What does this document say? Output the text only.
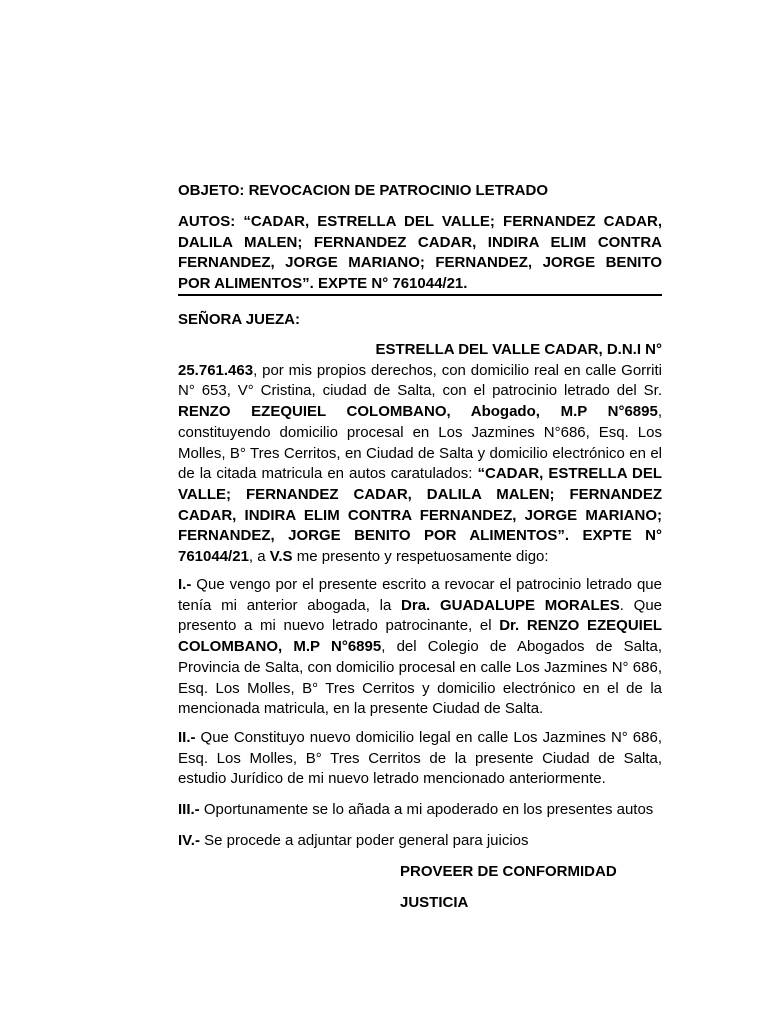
OBJETO: REVOCACION DE PATROCINIO LETRADO
AUTOS: “CADAR, ESTRELLA DEL VALLE; FERNANDEZ CADAR, DALILA MALEN; FERNANDEZ CADAR, INDIRA ELIM CONTRA FERNANDEZ, JORGE MARIANO; FERNANDEZ, JORGE BENITO POR ALIMENTOS”. EXPTE N° 761044/21.
SEÑORA JUEZA:
ESTRELLA DEL VALLE CADAR, D.N.I N°
25.761.463, por mis propios derechos, con domicilio real en calle Gorriti N° 653, V° Cristina, ciudad de Salta, con el patrocinio letrado del Sr. RENZO EZEQUIEL COLOMBANO, Abogado, M.P N°6895, constituyendo domicilio procesal en Los Jazmines N°686, Esq. Los Molles, B° Tres Cerritos, en Ciudad de Salta y domicilio electrónico en el de la citada matricula en autos caratulados: “CADAR, ESTRELLA DEL VALLE; FERNANDEZ CADAR, DALILA MALEN; FERNANDEZ CADAR, INDIRA ELIM CONTRA FERNANDEZ, JORGE MARIANO; FERNANDEZ, JORGE BENITO POR ALIMENTOS”. EXPTE N° 761044/21, a V.S me presento y respetuosamente digo:
I.- Que vengo por el presente escrito a revocar el patrocinio letrado que tenía mi anterior abogada, la Dra. GUADALUPE MORALES. Que presento a mi nuevo letrado patrocinante, el Dr. RENZO EZEQUIEL COLOMBANO, M.P N°6895, del Colegio de Abogados de Salta, Provincia de Salta, con domicilio procesal en calle Los Jazmines N° 686, Esq. Los Molles, B° Tres Cerritos y domicilio electrónico en el de la mencionada matricula, en la presente Ciudad de Salta.
II.- Que Constituyo nuevo domicilio legal en calle Los Jazmines N° 686, Esq. Los Molles, B° Tres Cerritos de la presente Ciudad de Salta, estudio Jurídico de mi nuevo letrado mencionado anteriormente.
III.- Oportunamente se lo añada a mi apoderado en los presentes autos
IV.- Se procede a adjuntar poder general para juicios
PROVEER DE CONFORMIDAD
JUSTICIA
